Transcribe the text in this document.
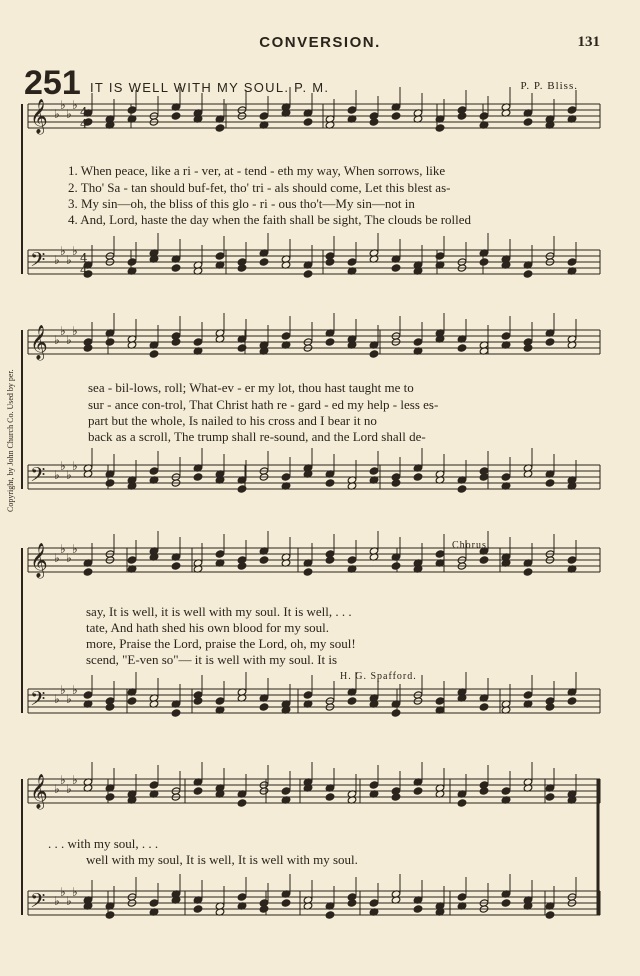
CONVERSION.	131
251 IT IS WELL WITH MY SOUL. P. M.	P. P. Bliss.
Copyright, by John Church Co. Used by per.
𝄞 ♭
♭
♭
♭
𝄢 ♭
♭
♭
♭
4
4
4
4
𝄞 ♭
♭
♭
♭
𝄢 ♭
♭
♭
♭
𝄞 ♭
♭
♭
♭
𝄢 ♭
♭
♭
♭
𝄞 ♭
♭
♭
♭
𝄢 ♭
♭
♭
♭
1. When peace, like a ri - ver, at - tend - eth my way, When sorrows, like
2. Tho' Sa - tan should buf-fet, tho' tri - als should come, Let this blest as-
3. My sin—oh, the bliss of this glo - ri - ous tho't—My sin—not in
4. And, Lord, haste the day when the faith shall be sight, The clouds be rolled
sea - bil-lows, roll; What-ev - er my lot, thou hast taught me to
sur - ance con-trol, That Christ hath re - gard - ed my help - less es-
part but the whole, Is nailed to his cross and I bear it no
back as a scroll, The trump shall re-sound, and the Lord shall de-
Chorus.
say, It is well, it is well with my soul. It is well, . . .
tate, And hath shed his own blood for my soul.
more, Praise the Lord, praise the Lord, oh, my soul!
scend, "E-ven so"— it is well with my soul. It is
H. G. Spafford.
. . . with my soul, . . .
well with my soul, It is well, It is well with my soul.
